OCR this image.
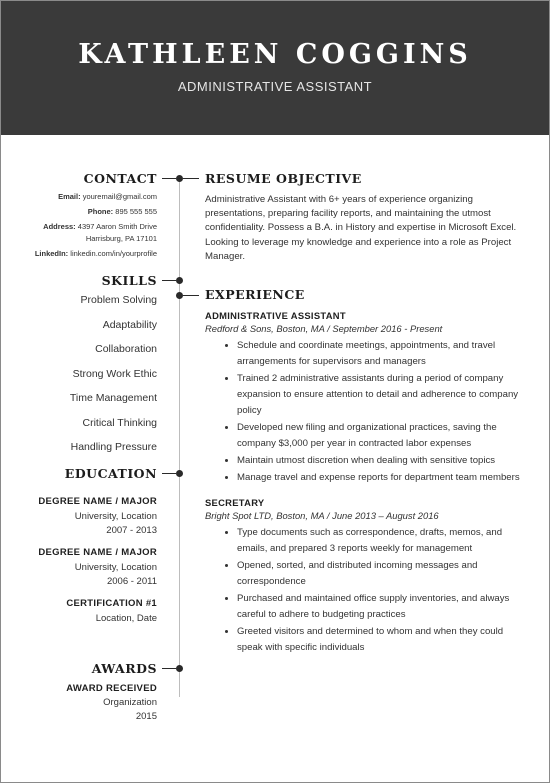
KATHLEEN COGGINS
ADMINISTRATIVE ASSISTANT
CONTACT
Email: youremail@gmail.com
Phone: 895 555 555
Address: 4397 Aaron Smith Drive
Harrisburg, PA 17101
LinkedIn: linkedin.com/in/yourprofile
SKILLS
Problem Solving
Adaptability
Collaboration
Strong Work Ethic
Time Management
Critical Thinking
Handling Pressure
EDUCATION
DEGREE NAME / MAJOR
University, Location
2007 - 2013
DEGREE NAME / MAJOR
University, Location
2006 - 2011
CERTIFICATION #1
Location, Date
AWARDS
AWARD RECEIVED
Organization
2015
RESUME OBJECTIVE

Administrative Assistant with 6+ years of experience organizing presentations, preparing facility reports, and maintaining the utmost confidentiality. Possess a B.A. in History and expertise in Microsoft Excel. Looking to leverage my knowledge and experience into a role as Project Manager.

EXPERIENCE
ADMINISTRATIVE ASSISTANT
Redford & Sons, Boston, MA / September 2016 - Present
• Schedule and coordinate meetings, appointments, and travel arrangements for supervisors and managers
• Trained 2 administrative assistants during a period of company expansion to ensure attention to detail and adherence to company policy
• Developed new filing and organizational practices, saving the company $3,000 per year in contracted labor expenses
• Maintain utmost discretion when dealing with sensitive topics
• Manage travel and expense reports for department team members
SECRETARY
Bright Spot LTD, Boston, MA / June 2013 – August 2016
• Type documents such as correspondence, drafts, memos, and emails, and prepared 3 reports weekly for management
• Opened, sorted, and distributed incoming messages and correspondence
• Purchased and maintained office supply inventories, and always careful to adhere to budgeting practices
• Greeted visitors and determined to whom and when they could speak with specific individuals
